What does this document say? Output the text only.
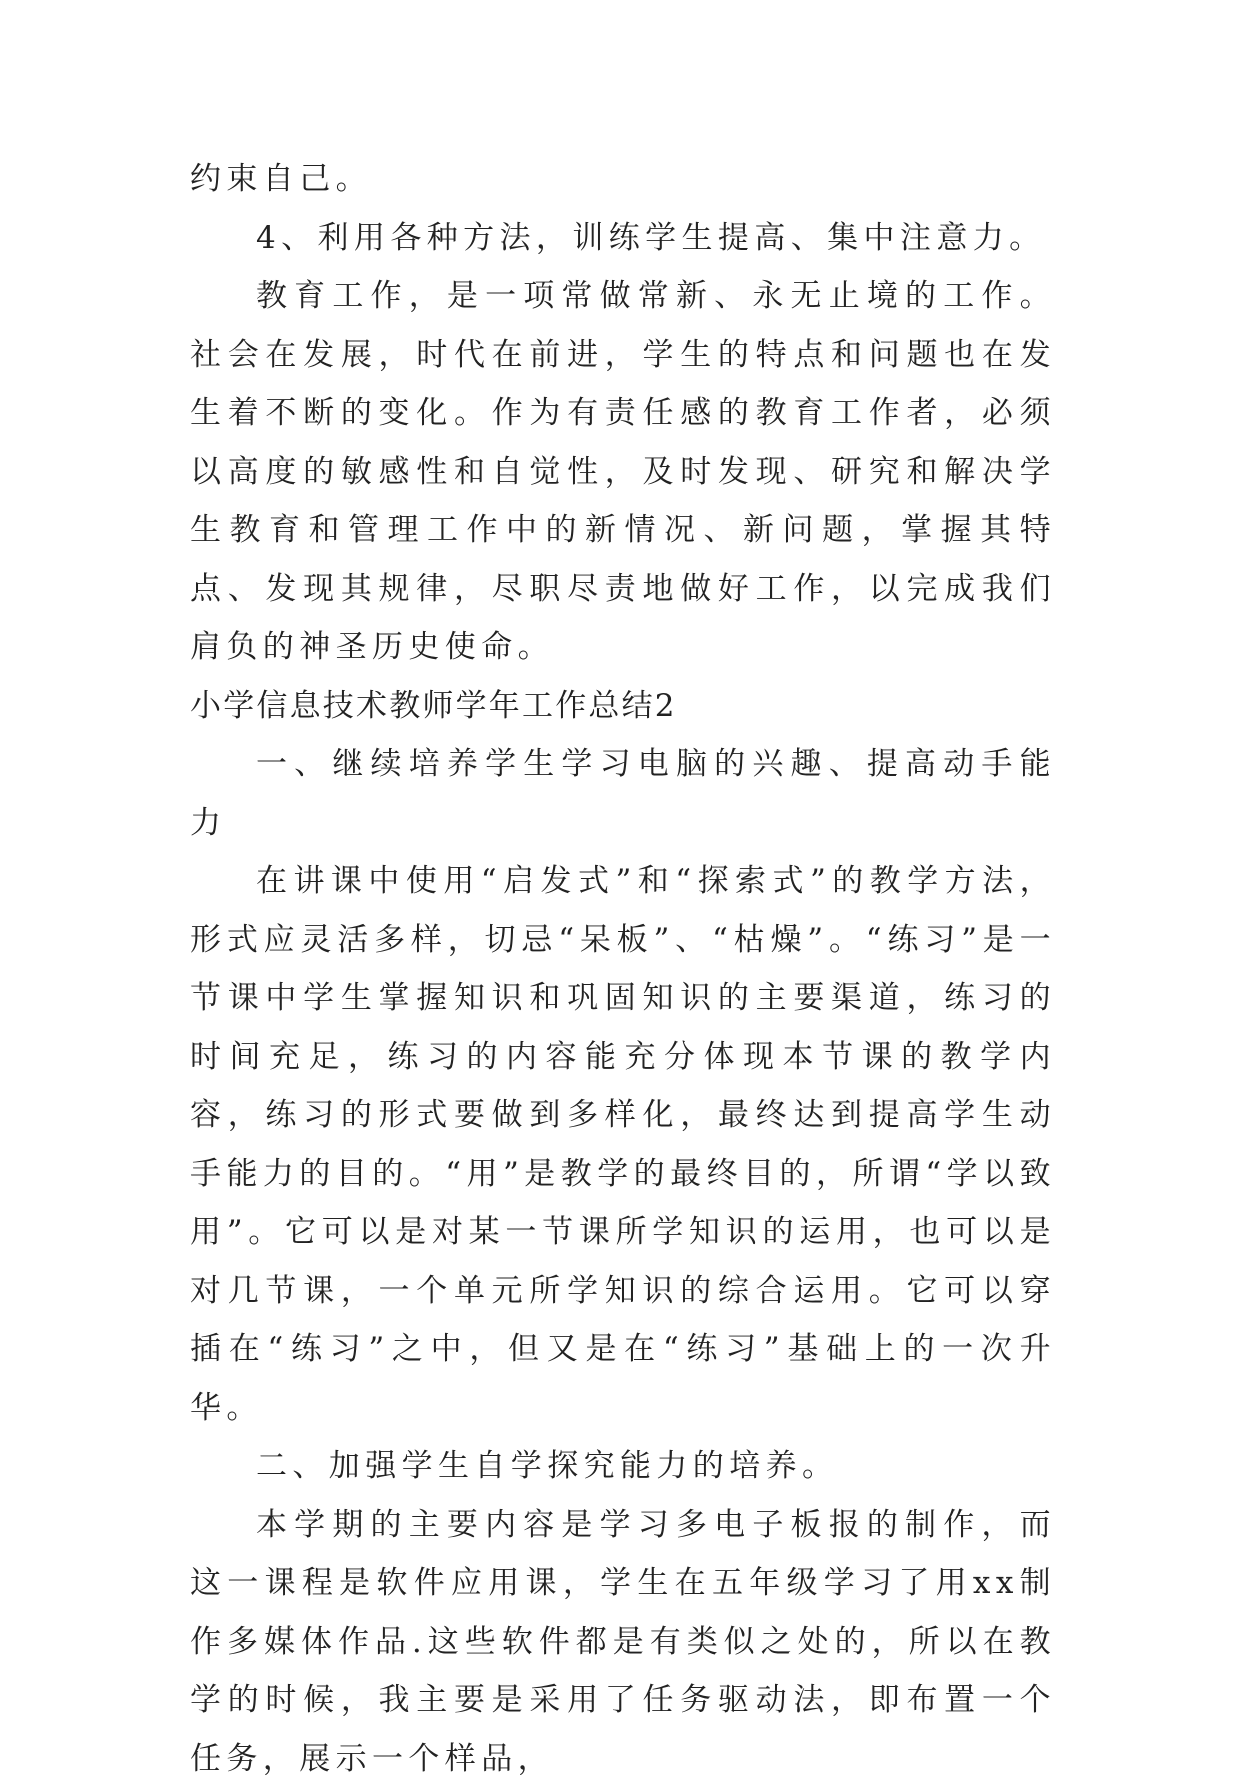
约束自己。

4、利用各种方法，训练学生提高、集中注意力。

教育工作，是一项常做常新、永无止境的工作。社会在发展，时代在前进，学生的特点和问题也在发生着不断的变化。作为有责任感的教育工作者，必须以高度的敏感性和自觉性，及时发现、研究和解决学生教育和管理工作中的新情况、新问题，掌握其特点、发现其规律，尽职尽责地做好工作，以完成我们肩负的神圣历史使命。

小学信息技术教师学年工作总结2

一、继续培养学生学习电脑的兴趣、提高动手能力

在讲课中使用“启发式”和“探索式”的教学方法，形式应灵活多样，切忌“呆板”、“枯燥”。“练习”是一节课中学生掌握知识和巩固知识的主要渠道，练习的时间充足，练习的内容能充分体现本节课的教学内容，练习的形式要做到多样化，最终达到提高学生动手能力的目的。“用”是教学的最终目的，所谓“学以致用”。它可以是对某一节课所学知识的运用，也可以是对几节课，一个单元所学知识的综合运用。它可以穿插在“练习”之中，但又是在“练习”基础上的一次升华。

二、加强学生自学探究能力的培养。

本学期的主要内容是学习多电子板报的制作，而这一课程是软件应用课，学生在五年级学习了用xx制作多媒体作品.这些软件都是有类似之处的，所以在教学的时候，我主要是采用了任务驱动法，即布置一个任务，展示一个样品，
